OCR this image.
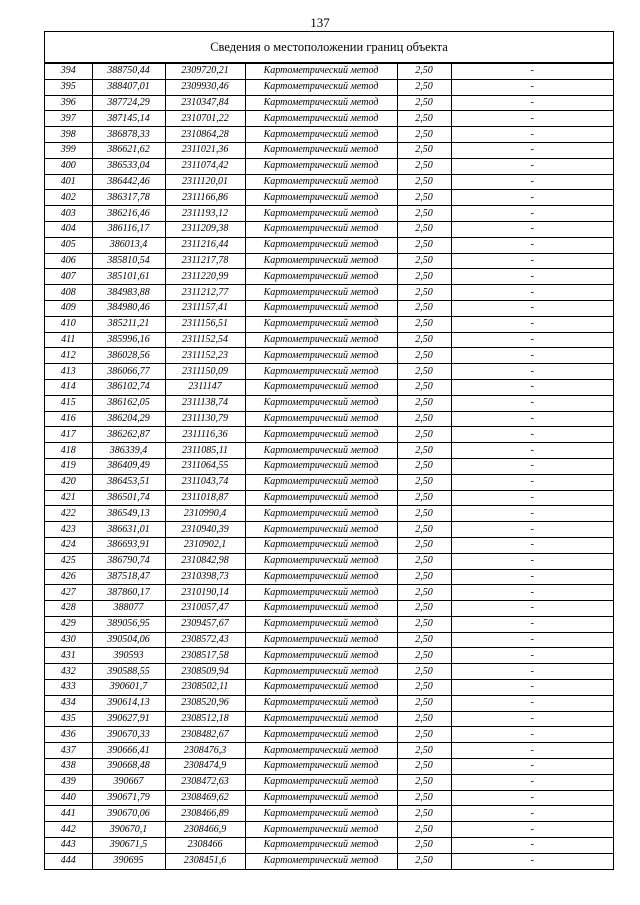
137
Сведения о местоположении границ объекта
394	388750,44	2309720,21	Картометрический метод	2,50	-
395	388407,01	2309930,46	Картометрический метод	2,50	-
396	387724,29	2310347,84	Картометрический метод	2,50	-
397	387145,14	2310701,22	Картометрический метод	2,50	-
398	386878,33	2310864,28	Картометрический метод	2,50	-
399	386621,62	2311021,36	Картометрический метод	2,50	-
400	386533,04	2311074,42	Картометрический метод	2,50	-
401	386442,46	2311120,01	Картометрический метод	2,50	-
402	386317,78	2311166,86	Картометрический метод	2,50	-
403	386216,46	2311193,12	Картометрический метод	2,50	-
404	386116,17	2311209,38	Картометрический метод	2,50	-
405	386013,4	2311216,44	Картометрический метод	2,50	-
406	385810,54	2311217,78	Картометрический метод	2,50	-
407	385101,61	2311220,99	Картометрический метод	2,50	-
408	384983,88	2311212,77	Картометрический метод	2,50	-
409	384980,46	2311157,41	Картометрический метод	2,50	-
410	385211,21	2311156,51	Картометрический метод	2,50	-
411	385996,16	2311152,54	Картометрический метод	2,50	-
412	386028,56	2311152,23	Картометрический метод	2,50	-
413	386066,77	2311150,09	Картометрический метод	2,50	-
414	386102,74	2311147	Картометрический метод	2,50	-
415	386162,05	2311138,74	Картометрический метод	2,50	-
416	386204,29	2311130,79	Картометрический метод	2,50	-
417	386262,87	2311116,36	Картометрический метод	2,50	-
418	386339,4	2311085,11	Картометрический метод	2,50	-
419	386409,49	2311064,55	Картометрический метод	2,50	-
420	386453,51	2311043,74	Картометрический метод	2,50	-
421	386501,74	2311018,87	Картометрический метод	2,50	-
422	386549,13	2310990,4	Картометрический метод	2,50	-
423	386631,01	2310940,39	Картометрический метод	2,50	-
424	386693,91	2310902,1	Картометрический метод	2,50	-
425	386790,74	2310842,98	Картометрический метод	2,50	-
426	387518,47	2310398,73	Картометрический метод	2,50	-
427	387860,17	2310190,14	Картометрический метод	2,50	-
428	388077	2310057,47	Картометрический метод	2,50	-
429	389056,95	2309457,67	Картометрический метод	2,50	-
430	390504,06	2308572,43	Картометрический метод	2,50	-
431	390593	2308517,58	Картометрический метод	2,50	-
432	390588,55	2308509,94	Картометрический метод	2,50	-
433	390601,7	2308502,11	Картометрический метод	2,50	-
434	390614,13	2308520,96	Картометрический метод	2,50	-
435	390627,91	2308512,18	Картометрический метод	2,50	-
436	390670,33	2308482,67	Картометрический метод	2,50	-
437	390666,41	2308476,3	Картометрический метод	2,50	-
438	390668,48	2308474,9	Картометрический метод	2,50	-
439	390667	2308472,63	Картометрический метод	2,50	-
440	390671,79	2308469,62	Картометрический метод	2,50	-
441	390670,06	2308466,89	Картометрический метод	2,50	-
442	390670,1	2308466,9	Картометрический метод	2,50	-
443	390671,5	2308466	Картометрический метод	2,50	-
444	390695	2308451,6	Картометрический метод	2,50	-
